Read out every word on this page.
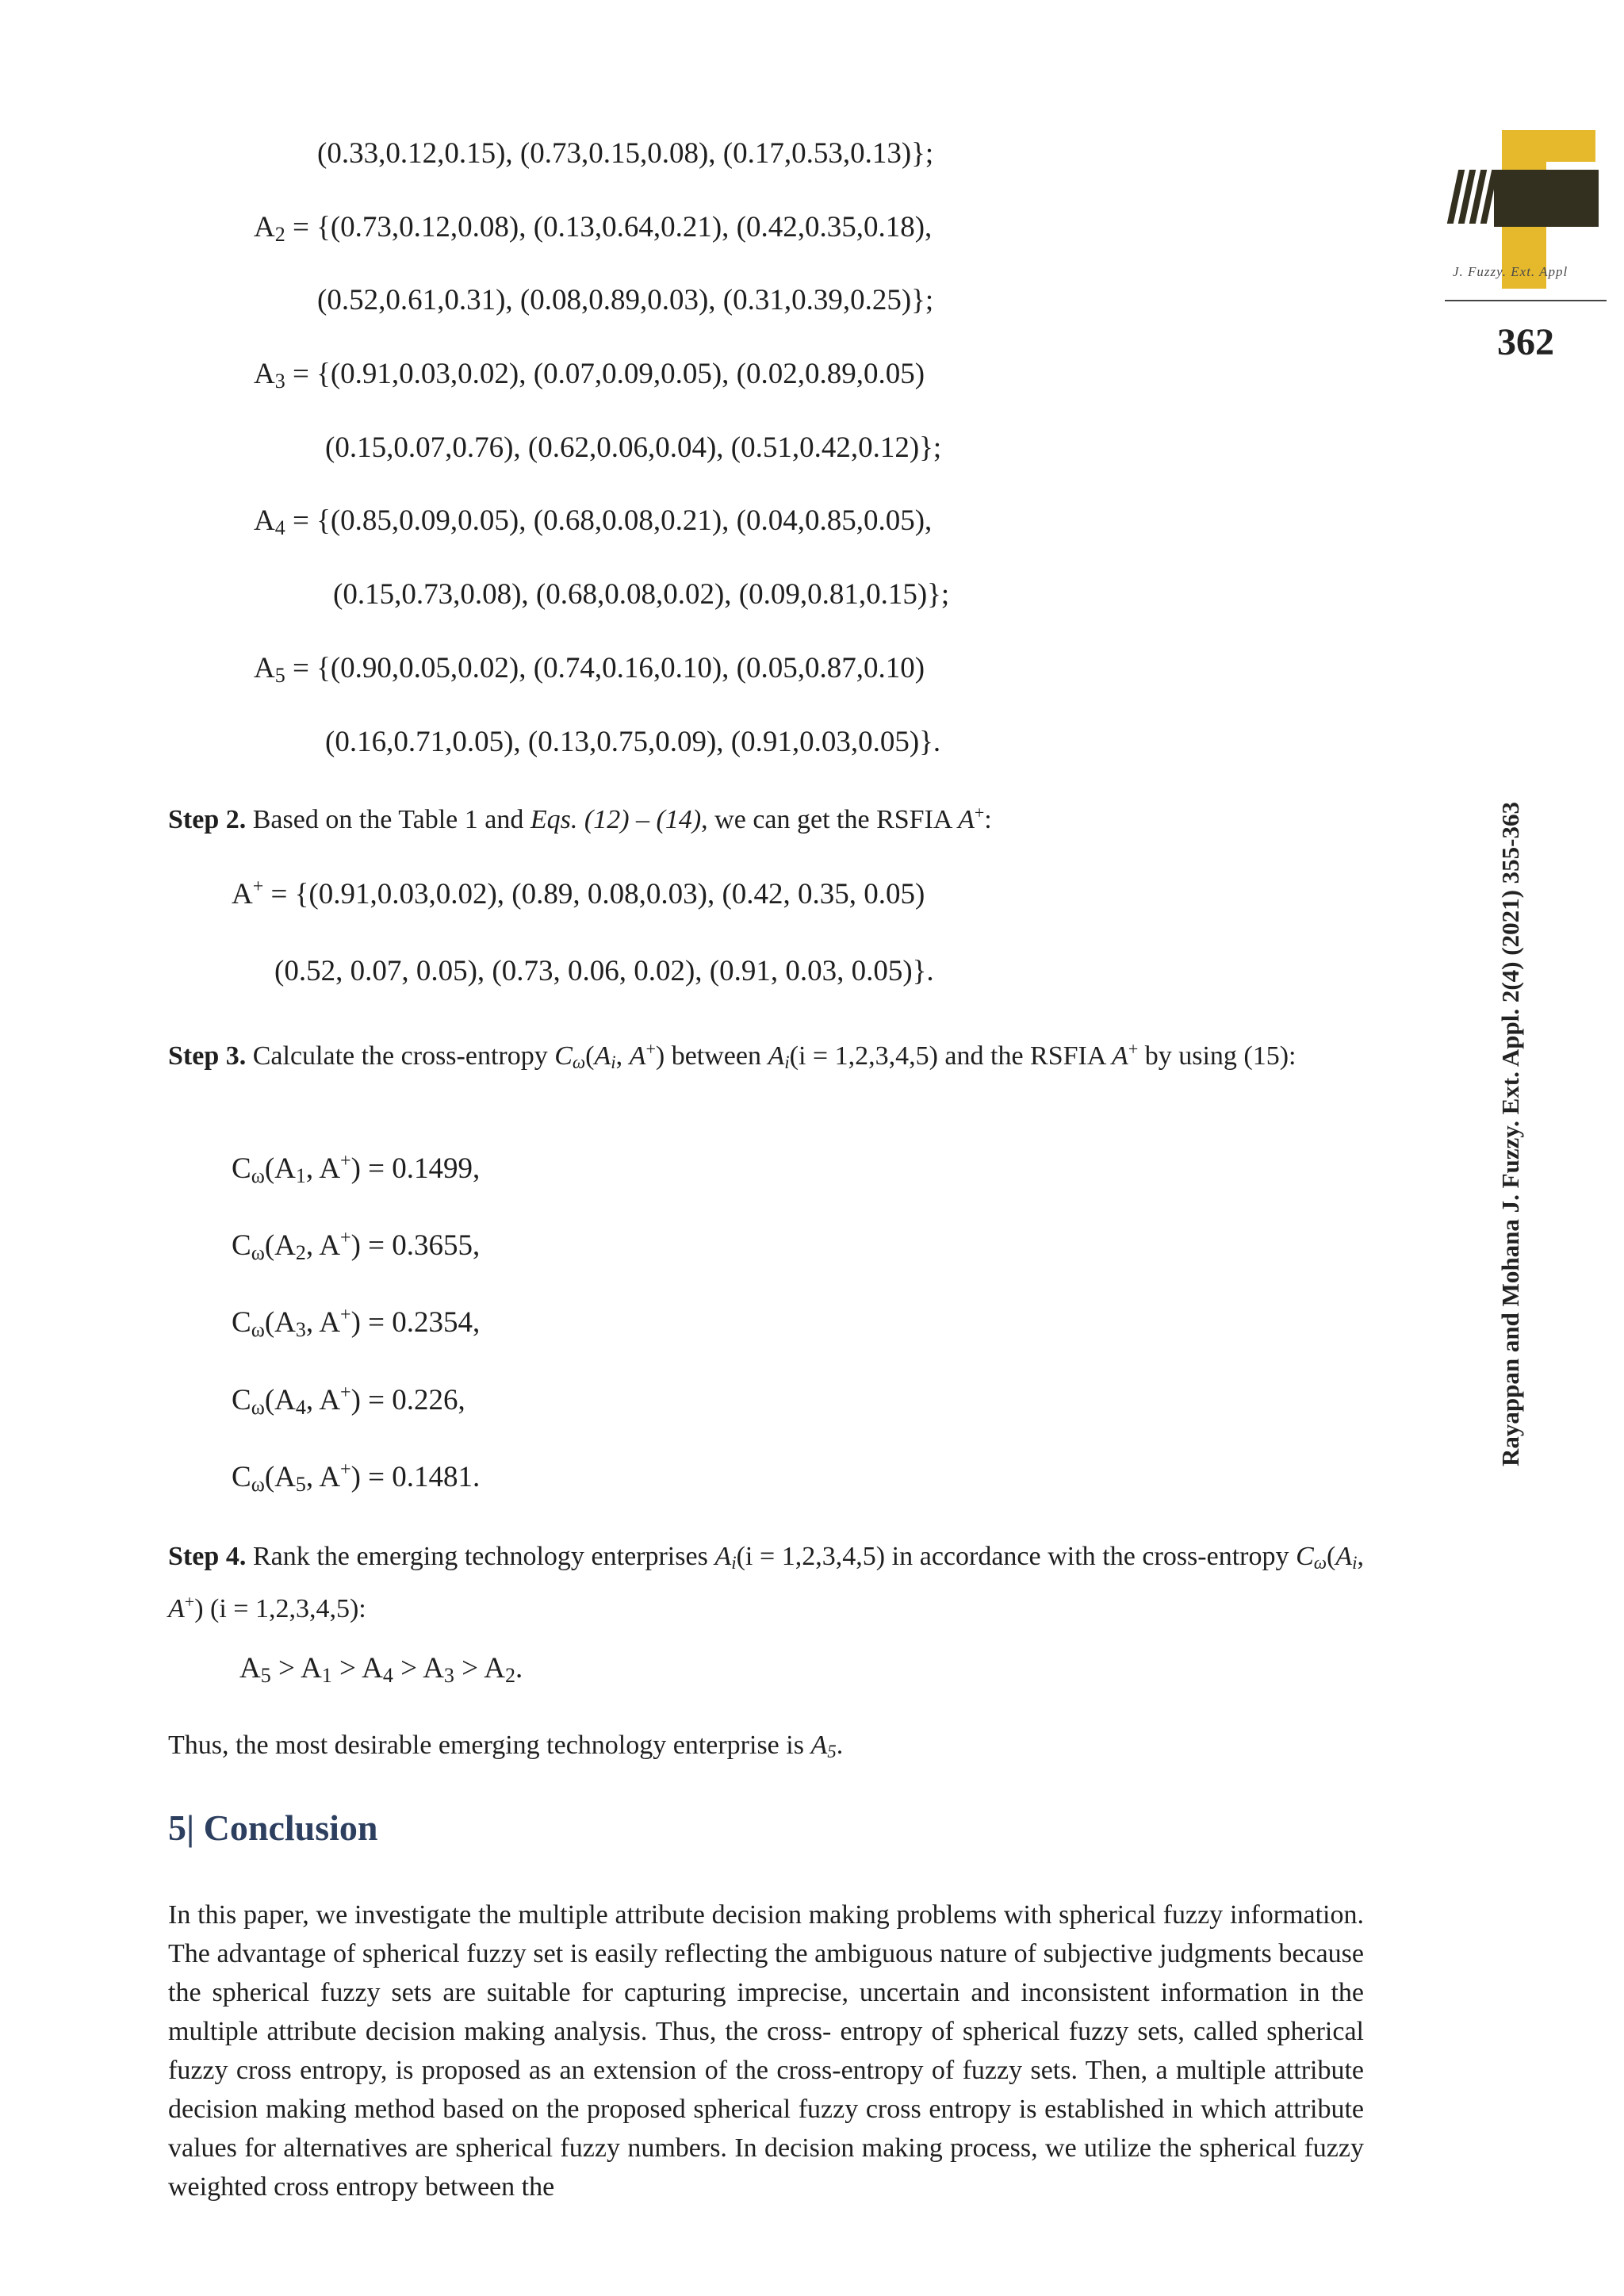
J. Fuzzy. Ext. Appl
362
Rayappan and Mohana J. Fuzzy. Ext. Appl. 2(4) (2021) 355-363
(0.33,0.12,0.15), (0.73,0.15,0.08), (0.17,0.53,0.13)};
$A_2 = \{(0.73,0.12,0.08)$, (0.13,0.64,0.21), (0.42,0.35,0.18),
(0.52,0.61,0.31), (0.08,0.89,0.03), (0.31,0.39,0.25)};
$A_3 = \{(0.91,0.03,0.02)$, (0.07,0.09,0.05), (0.02,0.89,0.05)
(0.15,0.07,0.76), (0.62,0.06,0.04), (0.51,0.42,0.12)};
$A_4 = \{(0.85,0.09,0.05)$, (0.68,0.08,0.21), (0.04,0.85,0.05),
(0.15,0.73,0.08), (0.68,0.08,0.02), (0.09,0.81,0.15)};
$A_5 = \{(0.90,0.05,0.02)$, (0.74,0.16,0.10), (0.05,0.87,0.10)
(0.16,0.71,0.05), (0.13,0.75,0.09), (0.91,0.03,0.05)}.
Step 2. Based on the Table 1 and Eqs. (12) – (14), we can get the RSFIA A+:
A+ = {(0.91,0.03,0.02), (0.89, 0.08,0.03), (0.42, 0.35, 0.05)
(0.52, 0.07, 0.05), (0.73, 0.06, 0.02), (0.91, 0.03, 0.05)}.
Step 3. Calculate the cross-entropy $C_\omega(A_i$, A+) between $A_i(i = 1,2,3,4,5)$ and the RSFIA A+ by using (15):
$C_\omega(A_1$, A+) = 0.1499,
$C_\omega(A_2$, A+) = 0.3655,
$C_\omega(A_3$, A+) = 0.2354,
$C_\omega(A_4$, A+) = 0.226,
$C_\omega(A_5$, A+) = 0.1481.
Step 4. Rank the emerging technology enterprises $A_i(i = 1,2,3,4,5)$ in accordance with the cross-entropy $C_\omega(A_i$, A+) (i = 1,2,3,4,5):
$A_5 > A_1 > A_4 > A_3 > A_2$.
Thus, the most desirable emerging technology enterprise is $A_5$.
5| Conclusion
In this paper, we investigate the multiple attribute decision making problems with spherical fuzzy information. The advantage of spherical fuzzy set is easily reflecting the ambiguous nature of subjective judgments because the spherical fuzzy sets are suitable for capturing imprecise, uncertain and inconsistent information in the multiple attribute decision making analysis. Thus, the cross- entropy of spherical fuzzy sets, called spherical fuzzy cross entropy, is proposed as an extension of the cross-entropy of fuzzy sets. Then, a multiple attribute decision making method based on the proposed spherical fuzzy cross entropy is established in which attribute values for alternatives are spherical fuzzy numbers. In decision making process, we utilize the spherical fuzzy weighted cross entropy between the
